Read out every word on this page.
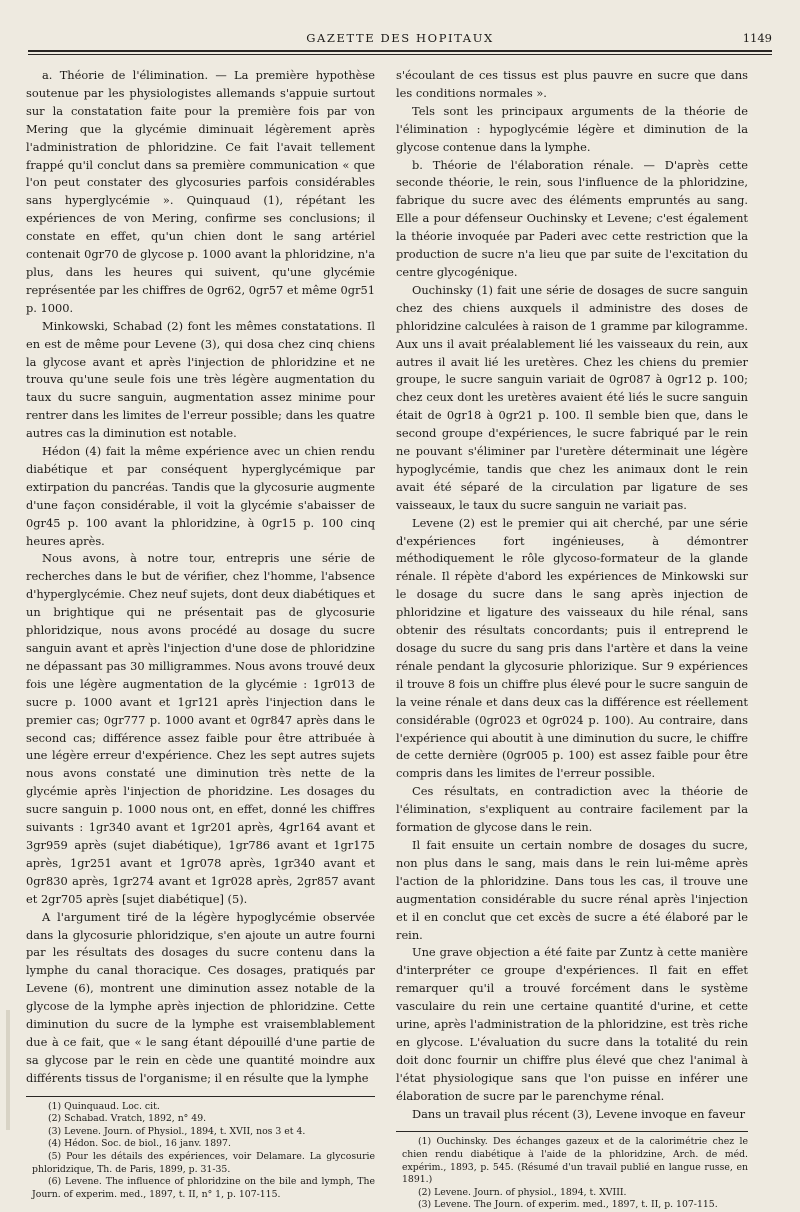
GAZETTE DES HOPITAUX	1149

a. Théorie de l'élimination. — La première hypothèse soutenue par les physiologistes allemands s'appuie surtout sur la constatation faite pour la première fois par von Mering que la glycémie diminuait légèrement après l'administration de phloridzine. Ce fait l'avait tellement frappé qu'il conclut dans sa première communication « que l'on peut constater des glycosuries parfois considérables sans hyperglycémie ». Quinquaud (1), répétant les expériences de von Mering, confirme ses conclusions; il constate en effet, qu'un chien dont le sang artériel contenait 0gr70 de glycose p. 1000 avant la phloridzine, n'a plus, dans les heures qui suivent, qu'une glycémie représentée par les chiffres de 0gr62, 0gr57 et même 0gr51 p. 1000.

Minkowski, Schabad (2) font les mêmes constatations. Il en est de même pour Levene (3), qui dosa chez cinq chiens la glycose avant et après l'injection de phloridzine et ne trouva qu'une seule fois une très légère augmentation du taux du sucre sanguin, augmentation assez minime pour rentrer dans les limites de l'erreur possible; dans les quatre autres cas la diminution est notable.

Hédon (4) fait la même expérience avec un chien rendu diabétique et par conséquent hyperglycémique par extirpation du pancréas. Tandis que la glycosurie augmente d'une façon considérable, il voit la glycémie s'abaisser de 0gr45 p. 100 avant la phloridzine, à 0gr15 p. 100 cinq heures après.

Nous avons, à notre tour, entrepris une série de recherches dans le but de vérifier, chez l'homme, l'absence d'hyperglycémie. Chez neuf sujets, dont deux diabétiques et un brightique qui ne présentait pas de glycosurie phloridzique, nous avons procédé au dosage du sucre sanguin avant et après l'injection d'une dose de phloridzine ne dépassant pas 30 milligrammes. Nous avons trouvé deux fois une légère augmentation de la glycémie : 1gr013 de sucre p. 1000 avant et 1gr121 après l'injection dans le premier cas; 0gr777 p. 1000 avant et 0gr847 après dans le second cas; différence assez faible pour être attribuée à une légère erreur d'expérience. Chez les sept autres sujets nous avons constaté une diminution très nette de la glycémie après l'injection de phoridzine. Les dosages du sucre sanguin p. 1000 nous ont, en effet, donné les chiffres suivants : 1gr340 avant et 1gr201 après, 4gr164 avant et 3gr959 après (sujet diabétique), 1gr786 avant et 1gr175 après, 1gr251 avant et 1gr078 après, 1gr340 avant et 0gr830 après, 1gr274 avant et 1gr028 après, 2gr857 avant et 2gr705 après [sujet diabétique] (5).

A l'argument tiré de la légère hypoglycémie observée dans la glycosurie phloridzique, s'en ajoute un autre fourni par les résultats des dosages du sucre contenu dans la lymphe du canal thoracique. Ces dosages, pratiqués par Levene (6), montrent une diminution assez notable de la glycose de la lymphe après injection de phloridzine. Cette diminution du sucre de la lymphe est vraisemblablement due à ce fait, que « le sang étant dépouillé d'une partie de sa glycose par le rein en cède une quantité moindre aux différents tissus de l'organisme; il en résulte que la lymphe

(1) Quinquaud. Loc. cit.

(2) Schabad. Vratch, 1892, n° 49.

(3) Levene. Journ. of Physiol., 1894, t. XVII, nos 3 et 4.

(4) Hédon. Soc. de biol., 16 janv. 1897.

(5) Pour les détails des expériences, voir Delamare. La glycosurie phloridzique, Th. de Paris, 1899, p. 31-35.

(6) Levene. The influence of phloridzine on the bile and lymph, The Journ. of experim. med., 1897, t. II, n° 1, p. 107-115.

s'écoulant de ces tissus est plus pauvre en sucre que dans les conditions normales ».

Tels sont les principaux arguments de la théorie de l'élimination : hypoglycémie légère et diminution de la glycose contenue dans la lymphe.

b. Théorie de l'élaboration rénale. — D'après cette seconde théorie, le rein, sous l'influence de la phloridzine, fabrique du sucre avec des éléments empruntés au sang. Elle a pour défenseur Ouchinsky et Levene; c'est également la théorie invoquée par Paderi avec cette restriction que la production de sucre n'a lieu que par suite de l'excitation du centre glycogénique.

Ouchinsky (1) fait une série de dosages de sucre sanguin chez des chiens auxquels il administre des doses de phloridzine calculées à raison de 1 gramme par kilogramme. Aux uns il avait préalablement lié les vaisseaux du rein, aux autres il avait lié les uretères. Chez les chiens du premier groupe, le sucre sanguin variait de 0gr087 à 0gr12 p. 100; chez ceux dont les uretères avaient été liés le sucre sanguin était de 0gr18 à 0gr21 p. 100. Il semble bien que, dans le second groupe d'expériences, le sucre fabriqué par le rein ne pouvant s'éliminer par l'uretère déterminait une légère hypoglycémie, tandis que chez les animaux dont le rein avait été séparé de la circulation par ligature de ses vaisseaux, le taux du sucre sanguin ne variait pas.

Levene (2) est le premier qui ait cherché, par une série d'expériences fort ingénieuses, à démontrer méthodiquement le rôle glycoso-formateur de la glande rénale. Il répète d'abord les expériences de Minkowski sur le dosage du sucre dans le sang après injection de phloridzine et ligature des vaisseaux du hile rénal, sans obtenir des résultats concordants; puis il entreprend le dosage du sucre du sang pris dans l'artère et dans la veine rénale pendant la glycosurie phlorizique. Sur 9 expériences il trouve 8 fois un chiffre plus élevé pour le sucre sanguin de la veine rénale et dans deux cas la différence est réellement considérable (0gr023 et 0gr024 p. 100). Au contraire, dans l'expérience qui aboutit à une diminution du sucre, le chiffre de cette dernière (0gr005 p. 100) est assez faible pour être compris dans les limites de l'erreur possible.

Ces résultats, en contradiction avec la théorie de l'élimination, s'expliquent au contraire facilement par la formation de glycose dans le rein.

Il fait ensuite un certain nombre de dosages du sucre, non plus dans le sang, mais dans le rein lui-même après l'action de la phloridzine. Dans tous les cas, il trouve une augmentation considérable du sucre rénal après l'injection et il en conclut que cet excès de sucre a été élaboré par le rein.

Une grave objection a été faite par Zuntz à cette manière d'interpréter ce groupe d'expériences. Il fait en effet remarquer qu'il a trouvé forcément dans le système vasculaire du rein une certaine quantité d'urine, et cette urine, après l'administration de la phloridzine, est très riche en glycose. L'évaluation du sucre dans la totalité du rein doit donc fournir un chiffre plus élevé que chez l'animal à l'état physiologique sans que l'on puisse en inférer une élaboration de sucre par le parenchyme rénal.

Dans un travail plus récent (3), Levene invoque en faveur

(1) Ouchinsky. Des échanges gazeux et de la calorimétrie chez le chien rendu diabétique à l'aide de la phloridzine, Arch. de méd. expérim., 1893, p. 545. (Résumé d'un travail publié en langue russe, en 1891.)

(2) Levene. Journ. of physiol., 1894, t. XVIII.

(3) Levene. The Journ. of experim. med., 1897, t. II, p. 107-115.
